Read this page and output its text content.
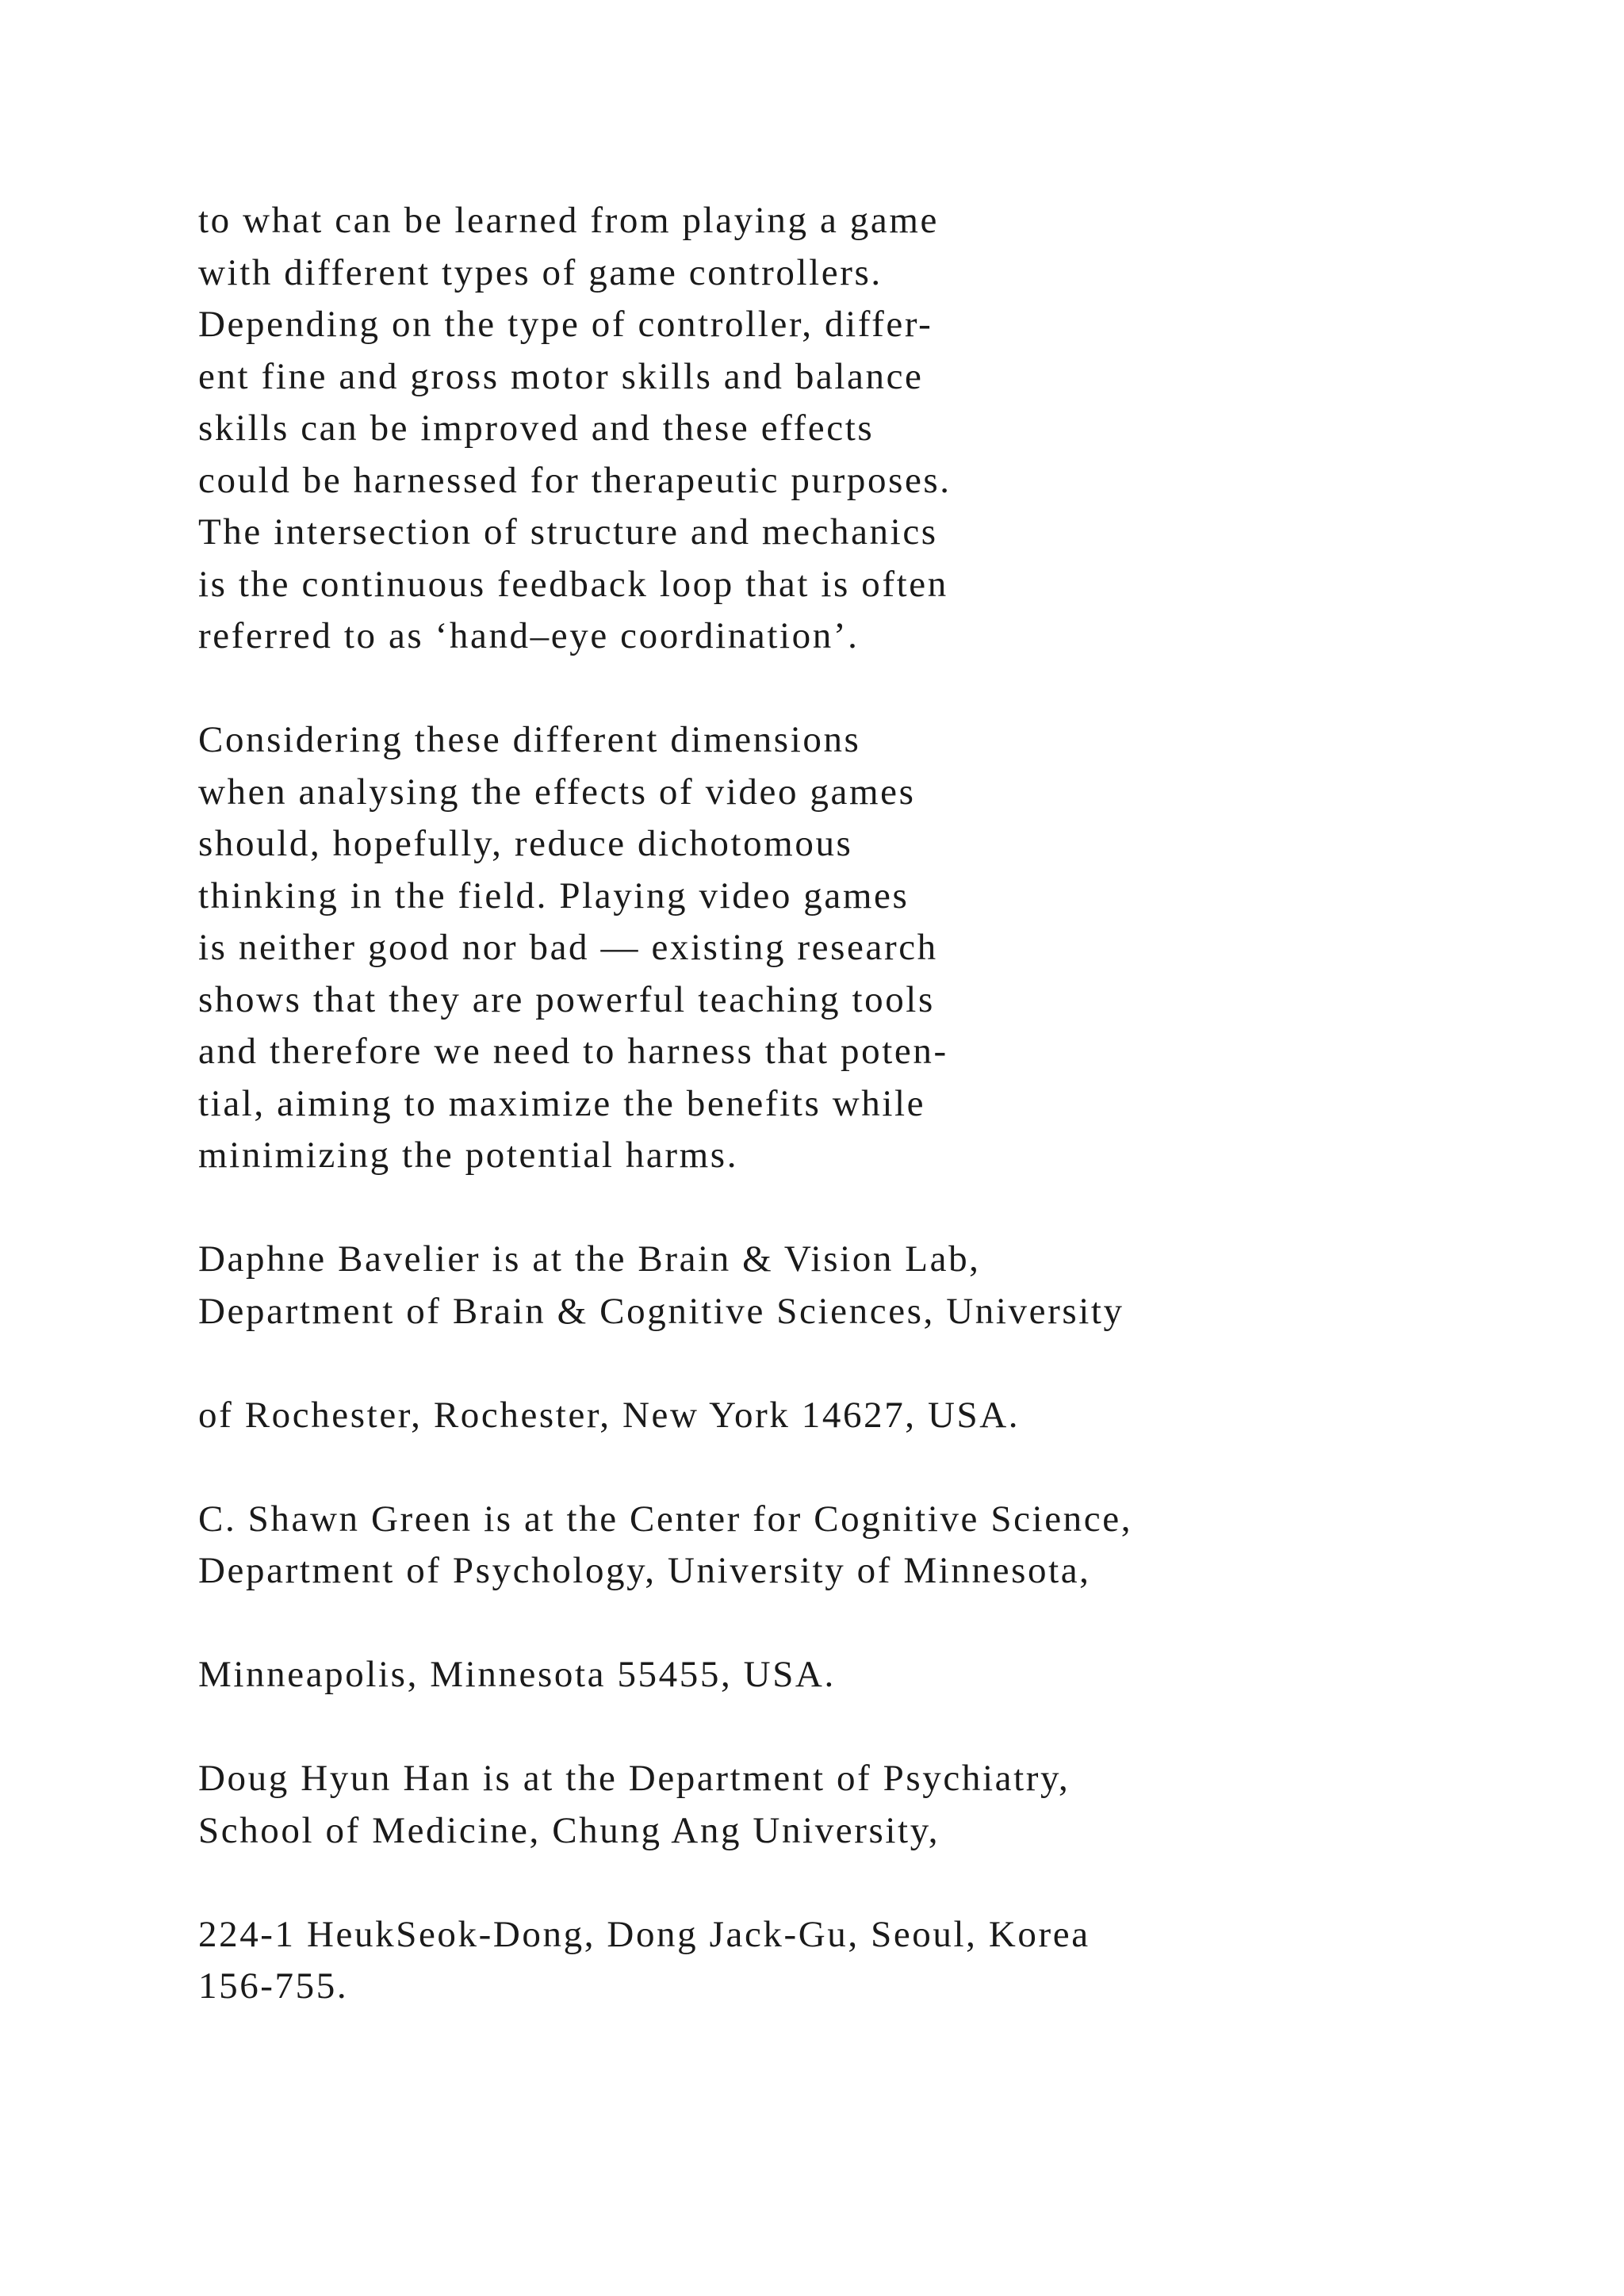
to what can be learned from playing a game
with different types of game controllers.
Depending on the type of controller, differ-
ent fine and gross motor skills and balance
skills can be improved and these effects
could be harnessed for therapeutic purposes.
The intersection of structure and mechanics
is the continuous feedback loop that is often
referred to as ‘hand–eye coordination’.
Considering these different dimensions
when analysing the effects of video games
should, hopefully, reduce dichotomous
thinking in the field. Playing video games
is neither good nor bad — existing research
shows that they are powerful teaching tools
and therefore we need to harness that poten-
tial, aiming to maximize the benefits while
minimizing the potential harms.
Daphne Bavelier is at the Brain & Vision Lab,
Department of Brain & Cognitive Sciences, University
of Rochester, Rochester, New York 14627, USA.
C. Shawn Green is at the Center for Cognitive Science,
Department of Psychology, University of Minnesota,
Minneapolis, Minnesota 55455, USA.
Doug Hyun Han is at the Department of Psychiatry,
School of Medicine, Chung Ang University,
224-1 HeukSeok-Dong, Dong Jack-Gu, Seoul, Korea
156-755.
